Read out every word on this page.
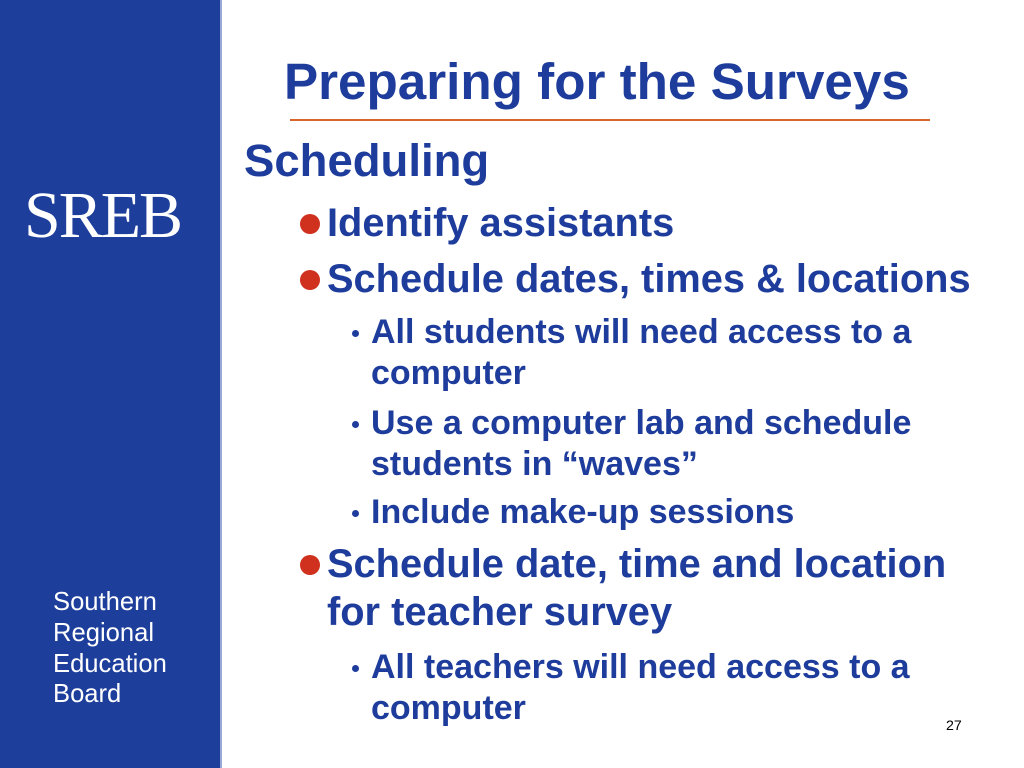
SREB
Southern
Regional
Education
Board
Preparing for the Surveys
Scheduling
Identify assistants
Schedule dates, times & locations
All students will need access to a computer
Use a computer lab and schedule students in “waves”
Include make-up sessions
Schedule date, time and location for teacher survey
All teachers will need access to a computer	27
